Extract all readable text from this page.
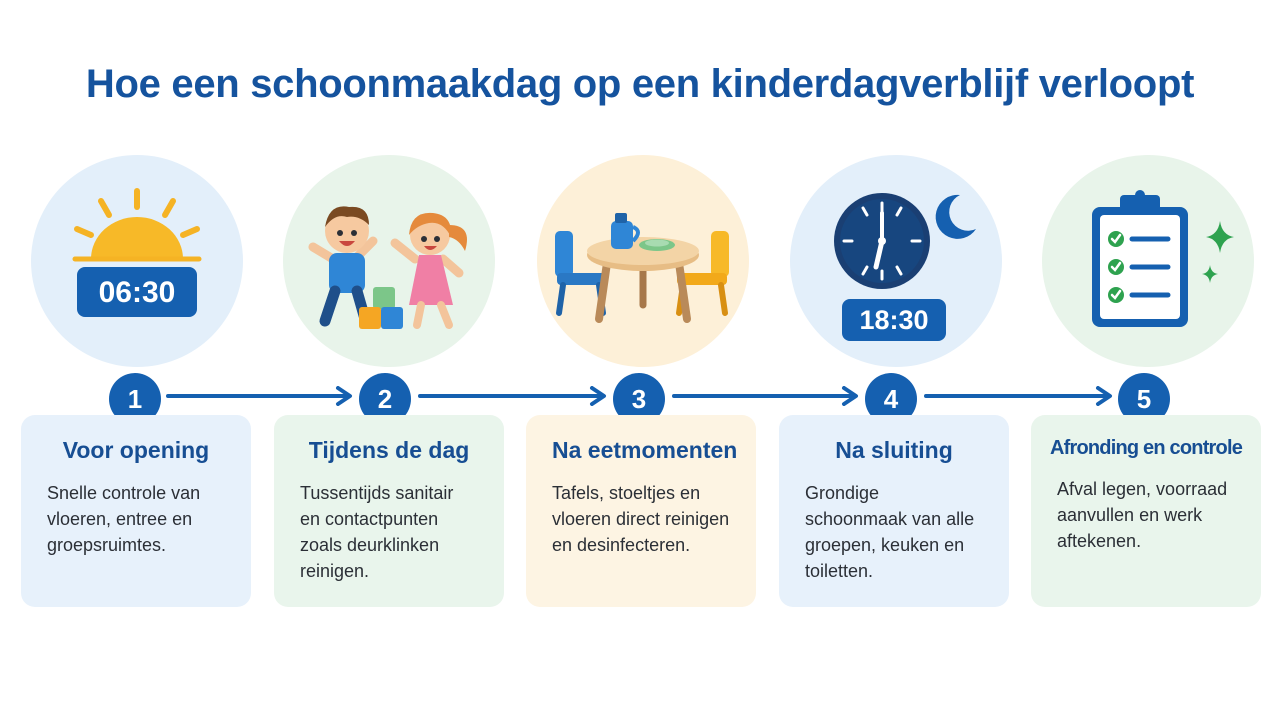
Hoe een schoonmaakdag op een kinderdagverblijf verloopt
06:30
18:30
1	2	3	4	5
Voor opening
Snelle controle van vloeren, entree en groepsruimtes.
Tijdens de dag
Tussentijds sanitair en contactpunten zoals deurklinken reinigen.
Na eetmomenten
Tafels, stoeltjes en vloeren direct reinigen en desinfecteren.
Na sluiting
Grondige schoonmaak van alle groepen, keuken en toiletten.
Afronding en controle
Afval legen, voorraad aanvullen en werk aftekenen.
